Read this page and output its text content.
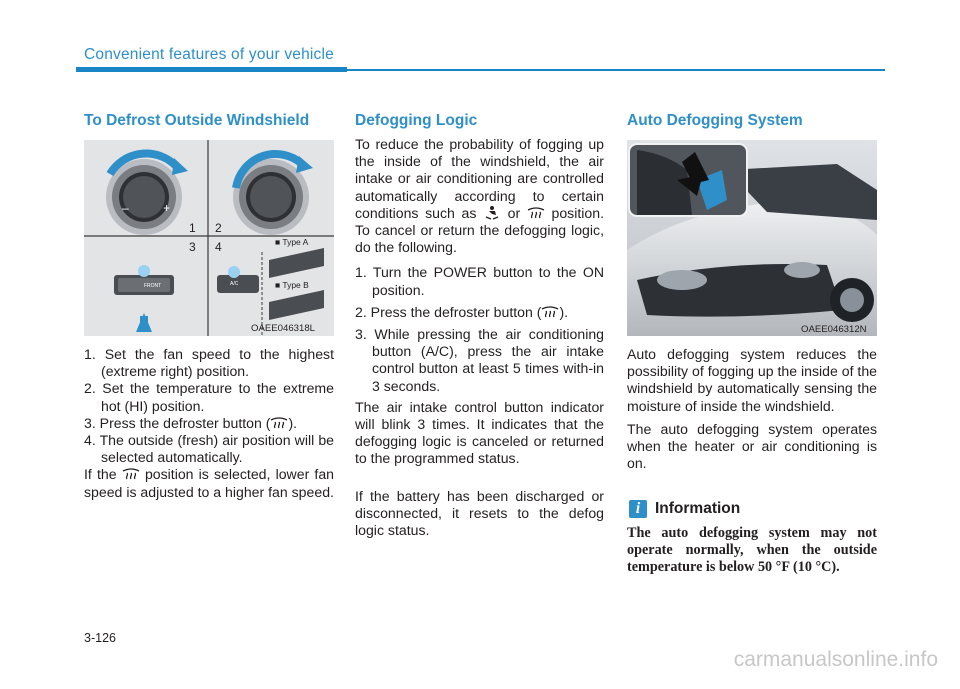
Convenient features of your vehicle
To Defrost Outside Windshield
–	+
1 2
3 4	■ Type A
■ Type B
FRONT	A/C
OAEE046318L
1. Set the fan speed to the highest (extreme right) position.
2. Set the temperature to the extreme hot (HI) position.
3. Press the defroster button ( ).
4. The outside (fresh) air position will be selected automatically.

If the position is selected, lower fan speed is adjusted to a higher fan speed.

Defogging Logic

To reduce the probability of fogging up the inside of the windshield, the air intake or air conditioning are controlled automatically according to certain conditions such as or position. To cancel or return the defogging logic, do the following.

1. Turn the POWER button to the ON position.
2. Press the defroster button ( ).
3. While pressing the air conditioning button (A/C), press the air intake control button at least 5 times with-in 3 seconds.

The air intake control button indicator will blink 3 times. It indicates that the defogging logic is canceled or returned to the programmed status.

If the battery has been discharged or disconnected, it resets to the defog logic status.

Auto Defogging System
OAEE046312N

Auto defogging system reduces the possibility of fogging up the inside of the windshield by automatically sensing the moisture of inside the windshield.

The auto defogging system operates when the heater or air conditioning is on.

i Information
The auto defogging system may not operate normally, when the outside temperature is below 50 °F (10 °C).
3-126
carmanualsonline.info
